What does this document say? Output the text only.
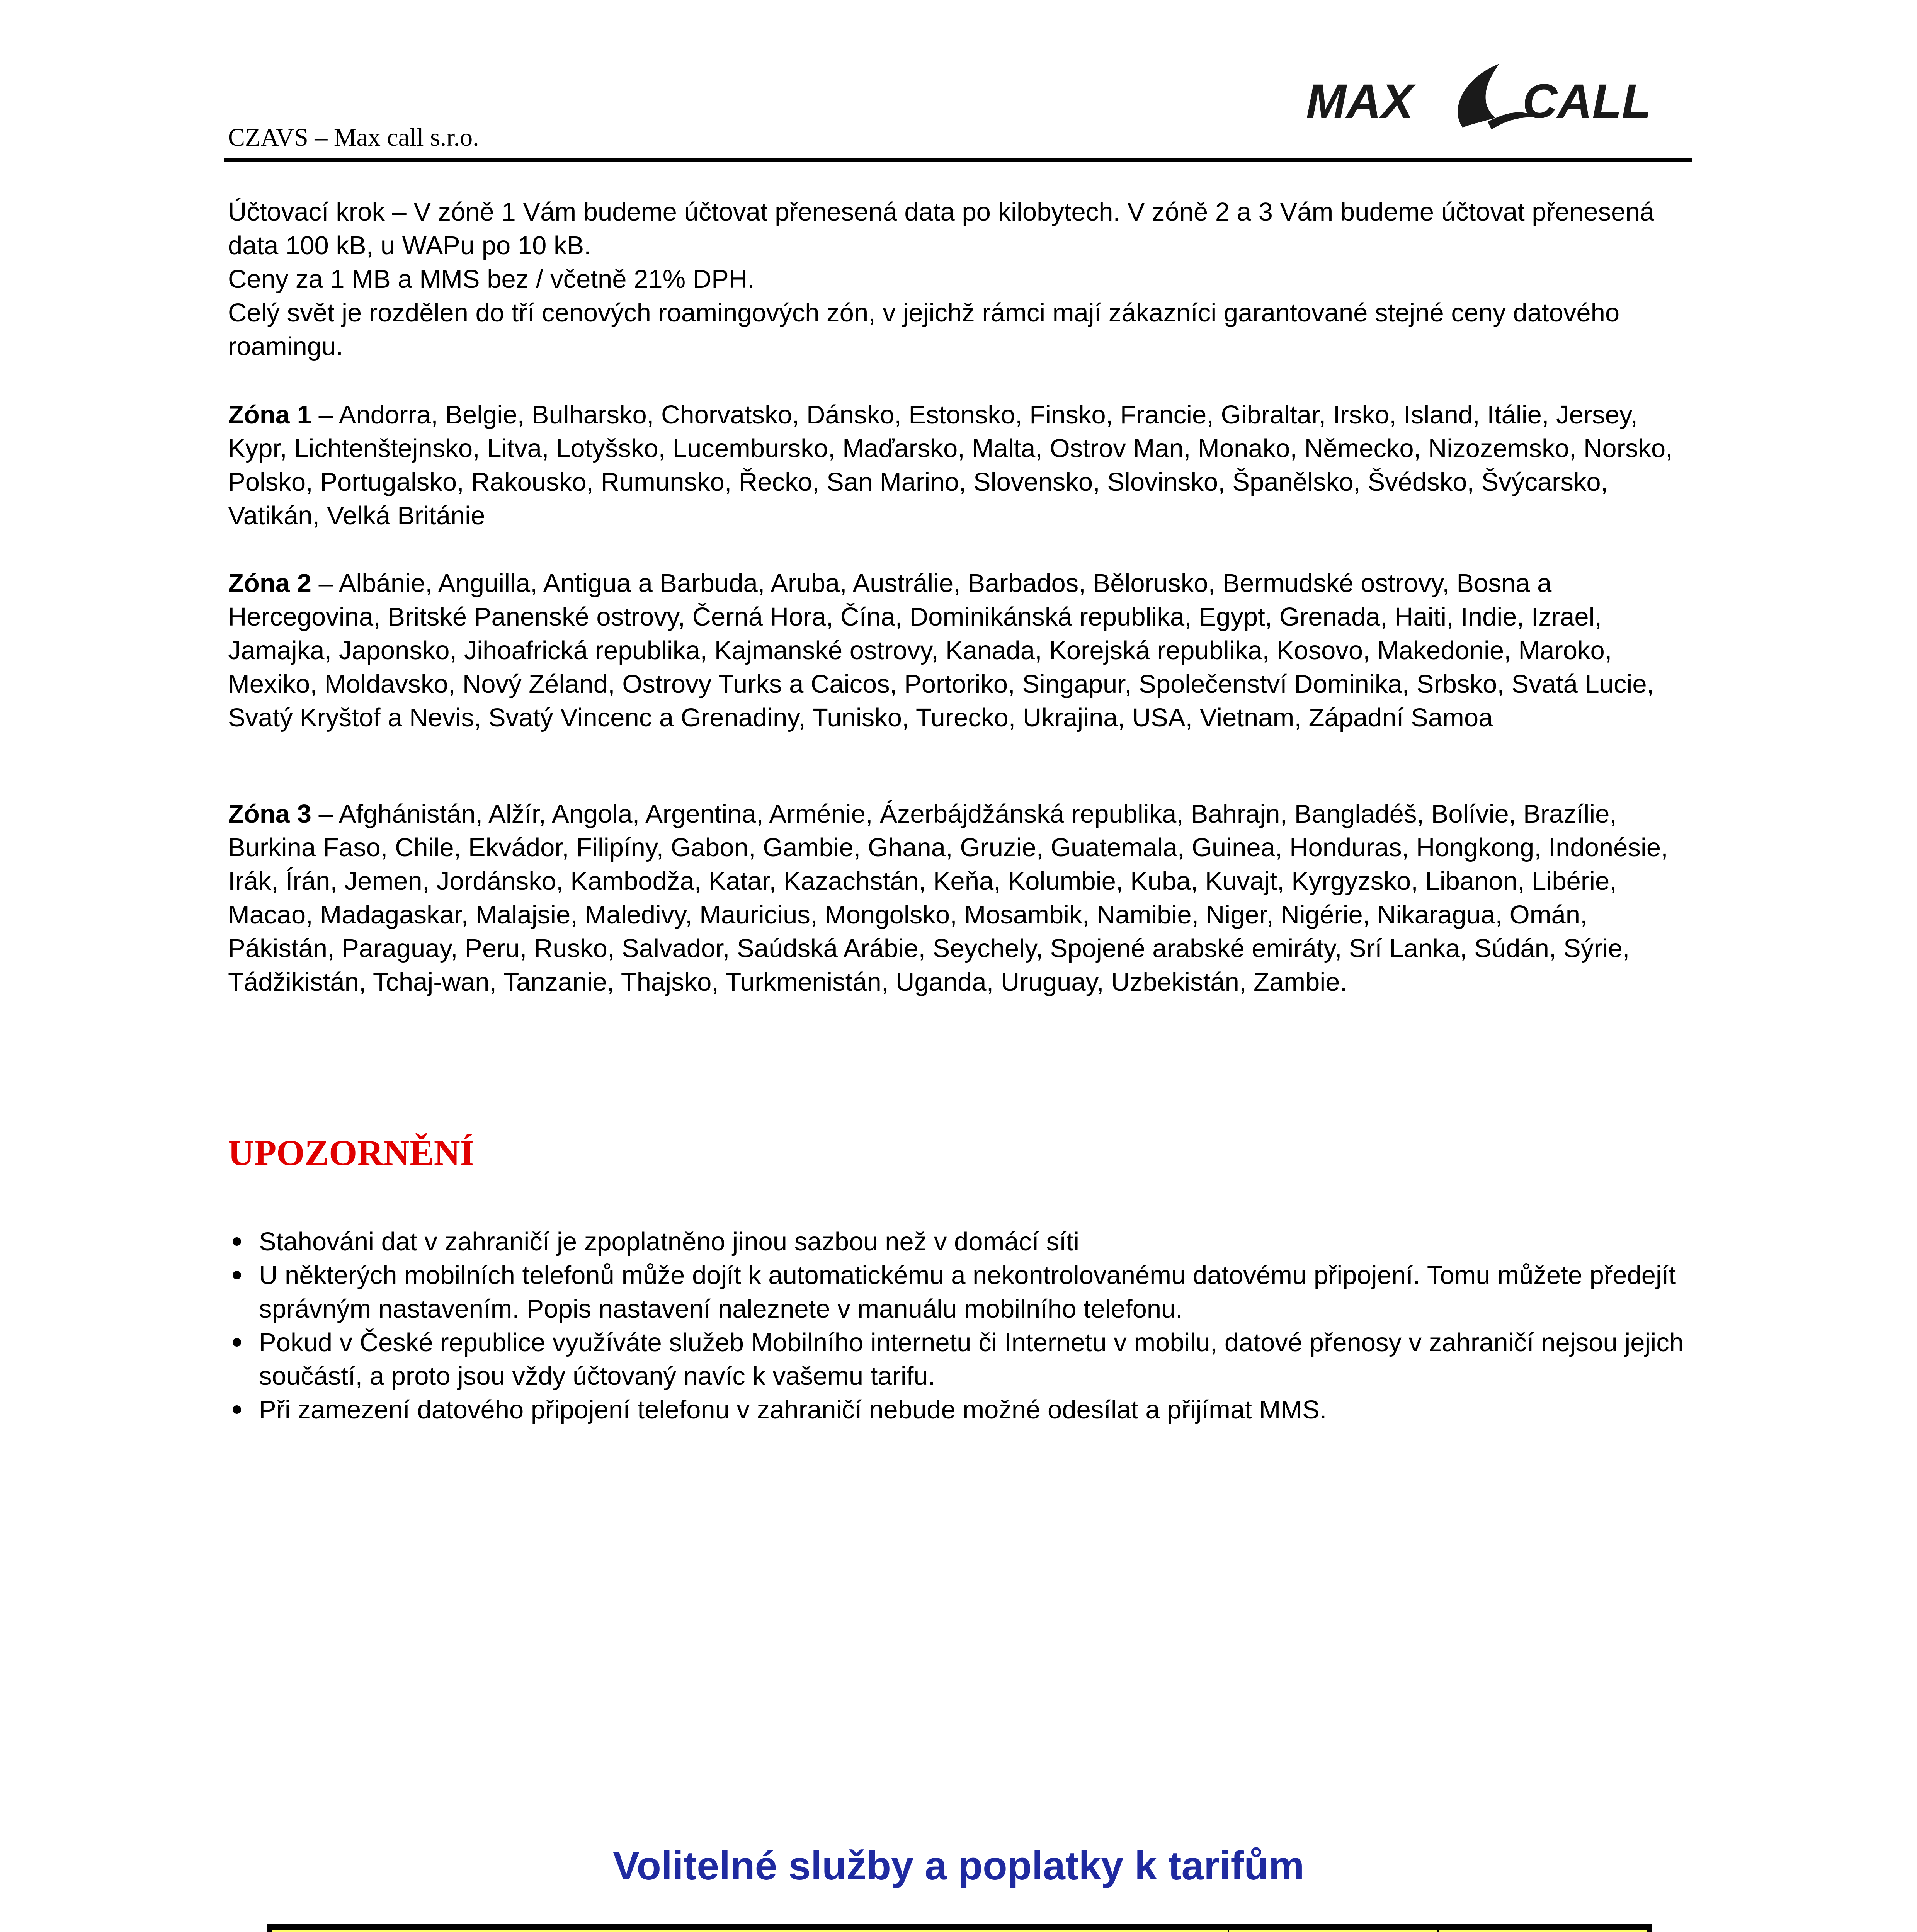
CZAVS – Max call s.r.o.
MAX CALL

Účtovací krok – V zóně 1 Vám budeme účtovat přenesená data po kilobytech. V zóně 2 a 3 Vám budeme účtovat přenesená data 100 kB, u WAPu po 10 kB.

Ceny za 1 MB a MMS bez / včetně 21% DPH.

Celý svět je rozdělen do tří cenových roamingových zón, v jejichž rámci mají zákazníci garantované stejné ceny datového roamingu.

Zóna 1 – Andorra, Belgie, Bulharsko, Chorvatsko, Dánsko, Estonsko, Finsko, Francie, Gibraltar, Irsko, Island, Itálie, Jersey, Kypr, Lichtenštejnsko, Litva, Lotyšsko, Lucembursko, Maďarsko, Malta, Ostrov Man, Monako, Německo, Nizozemsko, Norsko, Polsko, Portugalsko, Rakousko, Rumunsko, Řecko, San Marino, Slovensko, Slovinsko, Španělsko, Švédsko, Švýcarsko, Vatikán, Velká Británie

Zóna 2 – Albánie, Anguilla, Antigua a Barbuda, Aruba, Austrálie, Barbados, Bělorusko, Bermudské ostrovy, Bosna a Hercegovina, Britské Panenské ostrovy, Černá Hora, Čína, Dominikánská republika, Egypt, Grenada, Haiti, Indie, Izrael, Jamajka, Japonsko, Jihoafrická republika, Kajmanské ostrovy, Kanada, Korejská republika, Kosovo, Makedonie, Maroko, Mexiko, Moldavsko, Nový Zéland, Ostrovy Turks a Caicos, Portoriko, Singapur, Společenství Dominika, Srbsko, Svatá Lucie, Svatý Kryštof a Nevis, Svatý Vincenc a Grenadiny, Tunisko, Turecko, Ukrajina, USA, Vietnam, Západní Samoa

Zóna 3 – Afghánistán, Alžír, Angola, Argentina, Arménie, Ázerbájdžánská republika, Bahrajn, Bangladéš, Bolívie, Brazílie, Burkina Faso, Chile, Ekvádor, Filipíny, Gabon, Gambie, Ghana, Gruzie, Guatemala, Guinea, Honduras, Hongkong, Indonésie, Irák, Írán, Jemen, Jordánsko, Kambodža, Katar, Kazachstán, Keňa, Kolumbie, Kuba, Kuvajt, Kyrgyzsko, Libanon, Libérie, Macao, Madagaskar, Malajsie, Maledivy, Mauricius, Mongolsko, Mosambik, Namibie, Niger, Nigérie, Nikaragua, Omán, Pákistán, Paraguay, Peru, Rusko, Salvador, Saúdská Arábie, Seychely, Spojené arabské emiráty, Srí Lanka, Súdán, Sýrie, Tádžikistán, Tchaj-wan, Tanzanie, Thajsko, Turkmenistán, Uganda, Uruguay, Uzbekistán, Zambie.

UPOZORNĚNÍ
Stahováni dat v zahraničí je zpoplatněno jinou sazbou než v domácí síti
U některých mobilních telefonů může dojít k automatickému a nekontrolovanému datovému připojení. Tomu můžete předejít správným nastavením. Popis nastavení naleznete v manuálu mobilního telefonu.
Pokud v České republice využíváte služeb Mobilního internetu či Internetu v mobilu, datové přenosy v zahraničí nejsou jejich součástí, a proto jsou vždy účtovaný navíc k vašemu tarifu.
Při zamezení datového připojení telefonu v zahraničí nebude možné odesílat a přijímat MMS.
Volitelné služby a poplatky k tarifům
